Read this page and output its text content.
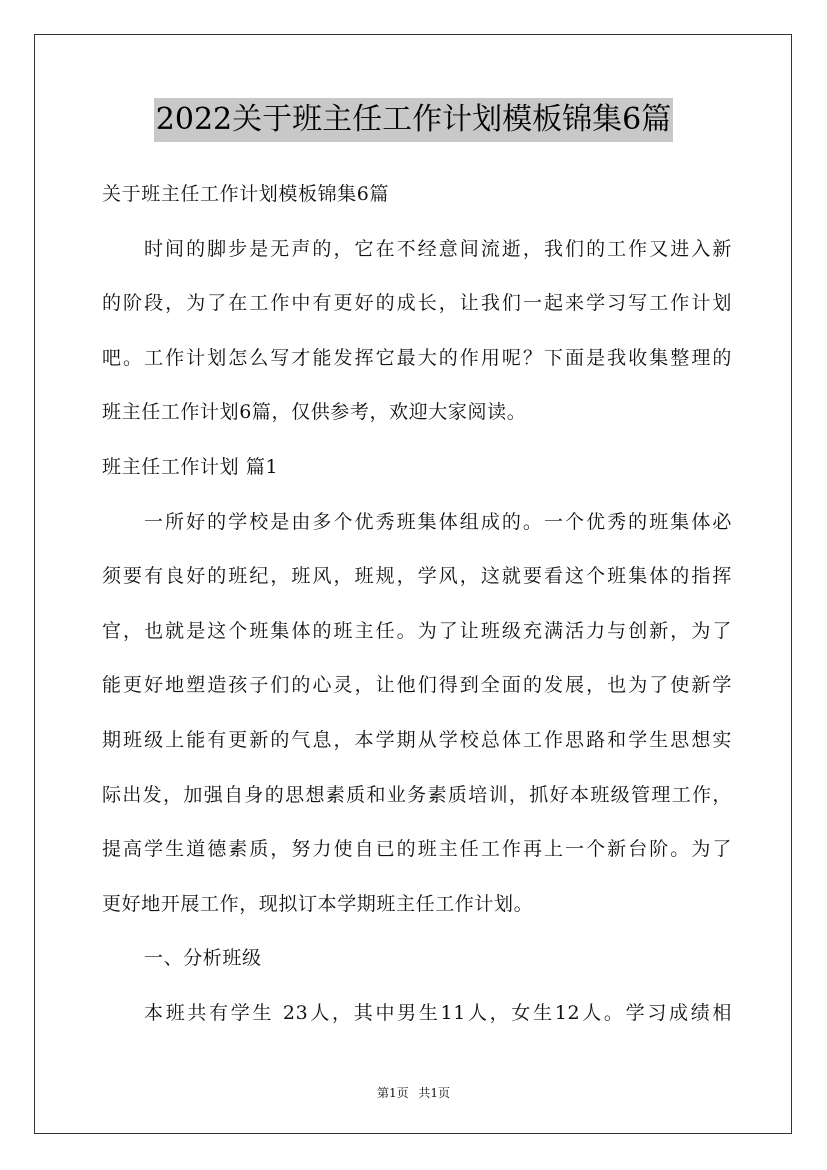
2022关于班主任工作计划模板锦集6篇
关于班主任工作计划模板锦集6篇
时间的脚步是无声的，它在不经意间流逝，我们的工作又进入新
的阶段，为了在工作中有更好的成长，让我们一起来学习写工作计划
吧。工作计划怎么写才能发挥它最大的作用呢？下面是我收集整理的
班主任工作计划6篇，仅供参考，欢迎大家阅读。
班主任工作计划 篇1
一所好的学校是由多个优秀班集体组成的。一个优秀的班集体必
须要有良好的班纪，班风，班规，学风，这就要看这个班集体的指挥
官，也就是这个班集体的班主任。为了让班级充满活力与创新，为了
能更好地塑造孩子们的心灵，让他们得到全面的发展，也为了使新学
期班级上能有更新的气息，本学期从学校总体工作思路和学生思想实
际出发，加强自身的思想素质和业务素质培训，抓好本班级管理工作，
提高学生道德素质，努力使自已的班主任工作再上一个新台阶。为了
更好地开展工作，现拟订本学期班主任工作计划。
一、分析班级
本班共有学生 23人，其中男生11人，女生12人。学习成绩相
第1页 共1页
